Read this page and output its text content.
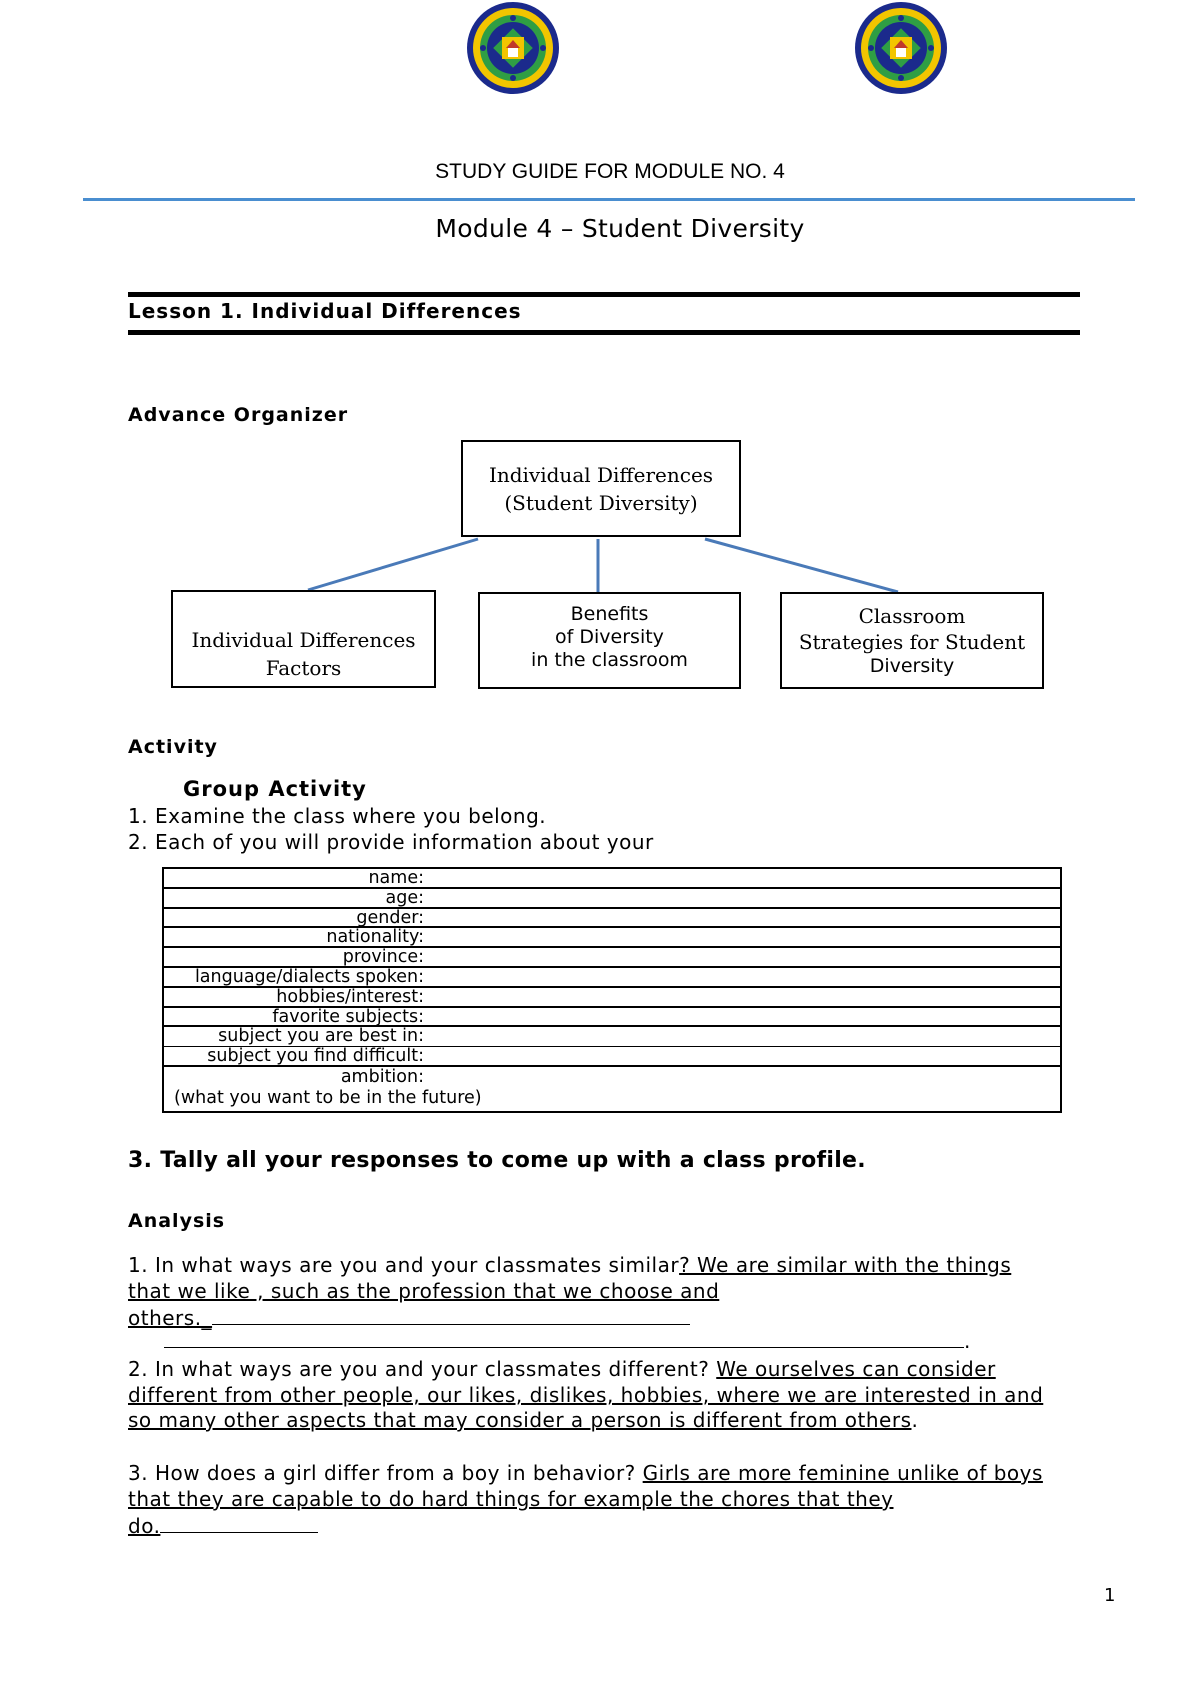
STUDY GUIDE FOR MODULE NO. 4
Module 4 – Student Diversity
Lesson 1. Individual Differences
Advance Organizer
Individual Differences
(Student Diversity)
Individual Differences
Factors
Benefits
of Diversity
in the classroom
Classroom
Strategies for Student
Diversity
Activity
Group Activity
1. Examine the class where you belong.
2. Each of you will provide information about your
name:
age:
gender:
nationality:
province:
language/dialects spoken:
hobbies/interest:
favorite subjects:
subject you are best in:
subject you find difficult:
ambition:
(what you want to be in the future)
3. Tally all your responses to come up with a class profile.
Analysis
1. In what ways are you and your classmates similar? We are similar with the things
that we like , such as the profession that we choose and
others._
.
2. In what ways are you and your classmates different? We ourselves can consider
different from other people, our likes, dislikes, hobbies, where we are interested in and
so many other aspects that may consider a person is different from others.
3. How does a girl differ from a boy in behavior? Girls are more feminine unlike of boys
that they are capable to do hard things for example the chores that they
do.
1
